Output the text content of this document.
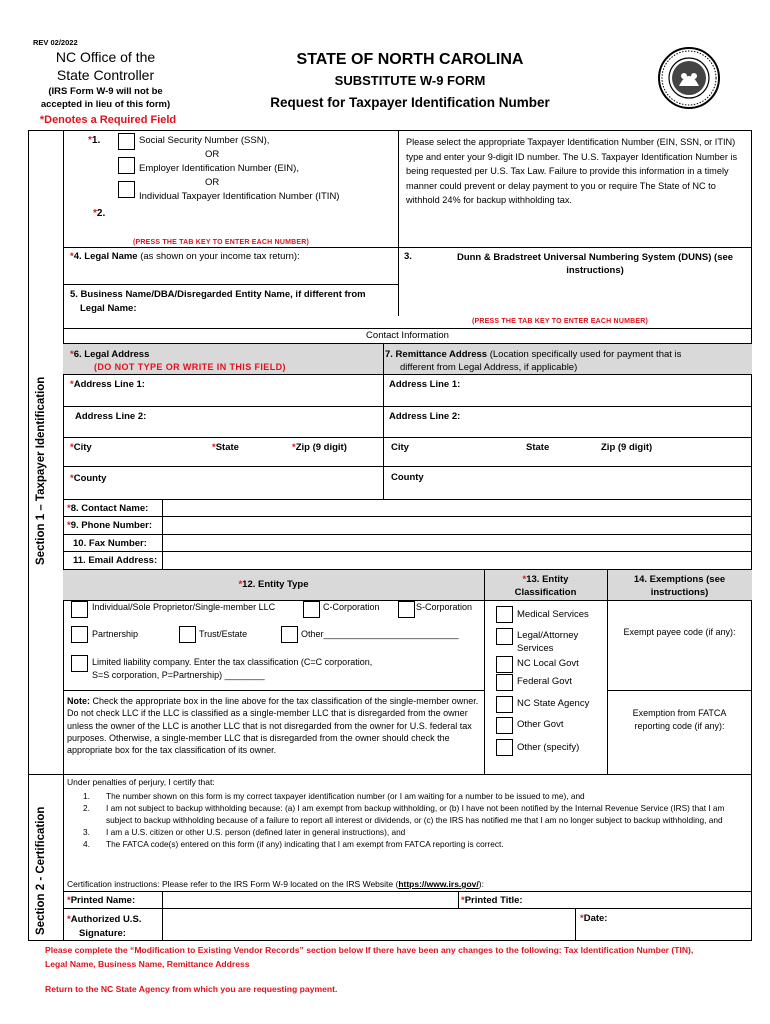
REV 02/2022
NC Office of the
State Controller
(IRS Form W-9 will not be
accepted in lieu of this form)
*Denotes a Required Field
STATE OF NORTH CAROLINA
SUBSTITUTE W-9 FORM
Request for Taxpayer Identification Number
Section 1 – Taxpayer Identification
Section 2 - Certification
*1.	Social Security Number (SSN),
OR
Employer Identification Number (EIN),
OR
Individual Taxpayer Identification Number (ITIN)
*2.
Please select the appropriate Taxpayer Identification Number (EIN, SSN, or ITIN) type and enter your 9-digit ID number. The U.S. Taxpayer Identification Number is being requested per U.S. Tax Law. Failure to provide this information in a timely manner could prevent or delay payment to you or require The State of NC to withhold 24% for backup withholding tax.
(PRESS THE TAB KEY TO ENTER EACH NUMBER)
*4. Legal Name (as shown on your income tax return):	3.	Dunn & Bradstreet Universal Numbering System (DUNS) (see instructions)
5. Business Name/DBA/Disregarded Entity Name, if different from
Legal Name:
(PRESS THE TAB KEY TO ENTER EACH NUMBER)
Contact Information
*6. Legal Address
(DO NOT TYPE OR WRITE IN THIS FIELD)
7. Remittance Address (Location specifically used for payment that is
different from Legal Address, if applicable)
*Address Line 1:	Address Line 1:
Address Line 2:	Address Line 2:
*City	*State	*Zip (9 digit)	City	State	Zip (9 digit)
*County	County
*8. Contact Name:
*9. Phone Number:
10. Fax Number:
11. Email Address:
*12. Entity Type	*13. Entity
Classification
14. Exemptions (see
instructions)
Individual/Sole Proprietor/Single-member LLC	C-Corporation	S-Corporation
Partnership	Trust/Estate	Other___________________________
Limited liability company. Enter the tax classification (C=C corporation,
S=S corporation, P=Partnership) ________
Note: Check the appropriate box in the line above for the tax classification of the single-member owner. Do not check LLC if the LLC is classified as a single-member LLC that is disregarded from the owner unless the owner of the LLC is another LLC that is not disregarded from the owner for U.S. federal tax purposes. Otherwise, a single-member LLC that is disregarded from the owner should check the appropriate box for the tax classification of its owner.
Medical Services
Legal/Attorney Services
NC Local Govt
Federal Govt
NC State Agency
Other Govt
Other (specify)
Exempt payee code (if any):
Exemption from FATCA
reporting code (if any):
Under penalties of perjury, I certify that:
1.	The number shown on this form is my correct taxpayer identification number (or I am waiting for a number to be issued to me), and
2.	I am not subject to backup withholding because: (a) I am exempt from backup withholding, or (b) I have not been notified by the Internal Revenue Service (IRS) that I am subject to backup withholding because of a failure to report all interest or dividends, or (c) the IRS has notified me that I am no longer subject to backup withholding, and
3.	I am a U.S. citizen or other U.S. person (defined later in general instructions), and
4.	The FATCA code(s) entered on this form (if any) indicating that I am exempt from FATCA reporting is correct.
Certification instructions: Please refer to the IRS Form W-9 located on the IRS Website (https://www.irs.gov/):
*Printed Name:	*Printed Title:
*Authorized U.S.
Signature:
*Date:
Please complete the “Modification to Existing Vendor Records” section below If there have been any changes to the following: Tax Identification Number (TIN),
Legal Name, Business Name, Remittance Address
Return to the NC State Agency from which you are requesting payment.
